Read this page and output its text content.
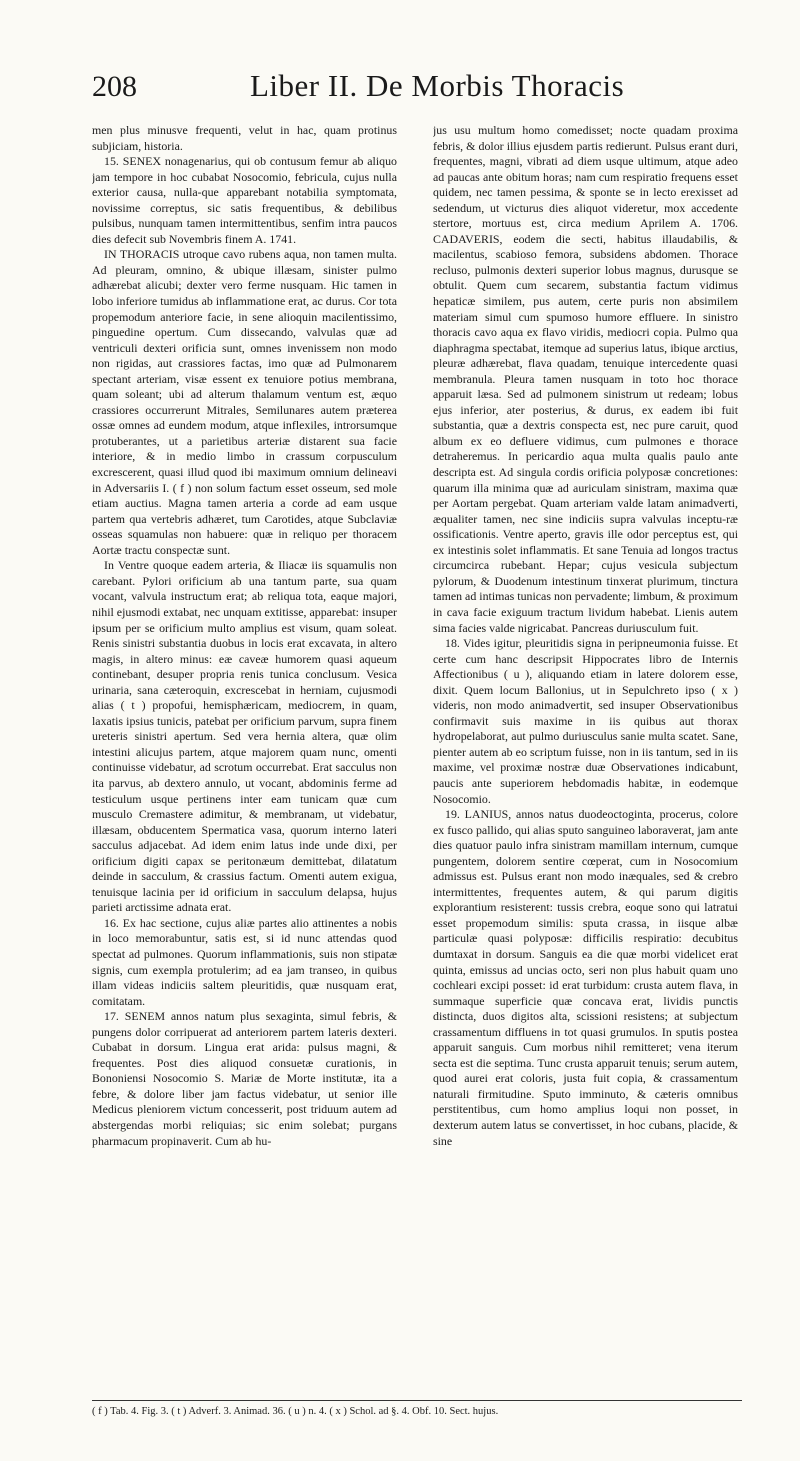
208	Liber II. De Morbis Thoracis

men plus minusve frequenti, velut in hac, quam protinus subjiciam, historia.

15. SENEX nonagenarius, qui ob contusum femur ab aliquo jam tempore in hoc cubabat Nosocomio, febricula, cujus nulla exterior causa, nulla-que apparebant notabilia symptomata, novissime correptus, sic satis frequentibus, & debilibus pulsibus, nunquam tamen intermittentibus, senfim intra paucos dies defecit sub Novembris finem A. 1741.

IN THORACIS utroque cavo rubens aqua, non tamen multa. Ad pleuram, omnino, & ubique illæsam, sinister pulmo adhærebat alicubi; dexter vero ferme nusquam. Hic tamen in lobo inferiore tumidus ab inflammatione erat, ac durus. Cor tota propemodum anteriore facie, in sene alioquin macilentissimo, pinguedine opertum. Cum dissecando, valvulas quæ ad ventriculi dexteri orificia sunt, omnes invenissem non modo non rigidas, aut crassiores factas, imo quæ ad Pulmonarem spectant arteriam, visæ essent ex tenuiore potius membrana, quam soleant; ubi ad alterum thalamum ventum est, æquo crassiores occurrerunt Mitrales, Semilunares autem præterea ossæ omnes ad eundem modum, atque inflexiles, introrsumque protuberantes, ut a parietibus arteriæ distarent sua facie interiore, & in medio limbo in crassum corpusculum excrescerent, quasi illud quod ibi maximum omnium delineavi in Adversariis I. ( f ) non solum factum esset osseum, sed mole etiam auctius. Magna tamen arteria a corde ad eam usque partem qua vertebris adhæret, tum Carotides, atque Subclaviæ osseas squamulas non habuere: quæ in reliquo per thoracem Aortæ tractu conspectæ sunt.

In Ventre quoque eadem arteria, & Iliacæ iis squamulis non carebant. Pylori orificium ab una tantum parte, sua quam vocant, valvula instructum erat; ab reliqua tota, eaque majori, nihil ejusmodi extabat, nec unquam extitisse, apparebat: insuper ipsum per se orificium multo amplius est visum, quam soleat. Renis sinistri substantia duobus in locis erat excavata, in altero magis, in altero minus: eæ caveæ humorem quasi aqueum continebant, desuper propria renis tunica conclusum. Vesica urinaria, sana cæteroquin, excrescebat in herniam, cujusmodi alias ( t ) propofui, hemisphæricam, mediocrem, in quam, laxatis ipsius tunicis, patebat per orificium parvum, supra finem ureteris sinistri apertum. Sed vera hernia altera, quæ olim intestini alicujus partem, atque majorem quam nunc, omenti continuisse videbatur, ad scrotum occurrebat. Erat sacculus non ita parvus, ab dextero annulo, ut vocant, abdominis ferme ad testiculum usque pertinens inter eam tunicam quæ cum musculo Cremastere adimitur, & membranam, ut videbatur, illæsam, obducentem Spermatica vasa, quorum interno lateri sacculus adjacebat. Ad idem enim latus inde unde dixi, per orificium digiti capax se peritonæum demittebat, dilatatum deinde in sacculum, & crassius factum. Omenti autem exigua, tenuisque lacinia per id orificium in sacculum delapsa, hujus parieti arctissime adnata erat.

16. Ex hac sectione, cujus aliæ partes alio attinentes a nobis in loco memorabuntur, satis est, si id nunc attendas quod spectat ad pulmones. Quorum inflammationis, suis non stipatæ signis, cum exempla protulerim; ad ea jam transeo, in quibus illam videas indiciis saltem pleuritidis, quæ nusquam erat, comitatam.

17. SENEM annos natum plus sexaginta, simul febris, & pungens dolor corripuerat ad anteriorem partem lateris dexteri. Cubabat in dorsum. Lingua erat arida: pulsus magni, & frequentes. Post dies aliquod consuetæ curationis, in Bononiensi Nosocomio S. Mariæ de Morte institutæ, ita a febre, & dolore liber jam factus videbatur, ut senior ille Medicus pleniorem victum concesserit, post triduum autem ad abstergendas morbi reliquias; sic enim solebat; purgans pharmacum propinaverit. Cum ab hu-

jus usu multum homo comedisset; nocte quadam proxima febris, & dolor illius ejusdem partis redierunt. Pulsus erant duri, frequentes, magni, vibrati ad diem usque ultimum, atque adeo ad paucas ante obitum horas; nam cum respiratio frequens esset quidem, nec tamen pessima, & sponte se in lecto erexisset ad sedendum, ut victurus dies aliquot videretur, mox accedente stertore, mortuus est, circa medium Aprilem A. 1706. CADAVERIS, eodem die secti, habitus illaudabilis, & macilentus, scabioso femora, subsidens abdomen. Thorace recluso, pulmonis dexteri superior lobus magnus, durusque se obtulit. Quem cum secarem, substantia factum vidimus hepaticæ similem, pus autem, certe puris non absimilem materiam simul cum spumoso humore effluere. In sinistro thoracis cavo aqua ex flavo viridis, mediocri copia. Pulmo qua diaphragma spectabat, itemque ad superius latus, ibique arctius, pleuræ adhærebat, flava quadam, tenuique intercedente quasi membranula. Pleura tamen nusquam in toto hoc thorace apparuit læsa. Sed ad pulmonem sinistrum ut redeam; lobus ejus inferior, ater posterius, & durus, ex eadem ibi fuit substantia, quæ a dextris conspecta est, nec pure caruit, quod album ex eo defluere vidimus, cum pulmones e thorace detraheremus. In pericardio aqua multa qualis paulo ante descripta est. Ad singula cordis orificia polyposæ concretiones: quarum illa minima quæ ad auriculam sinistram, maxima quæ per Aortam pergebat. Quam arteriam valde latam animadverti, æqualiter tamen, nec sine indiciis supra valvulas inceptu-ræ ossificationis. Ventre aperto, gravis ille odor perceptus est, qui ex intestinis solet inflammatis. Et sane Tenuia ad longos tractus circumcirca rubebant. Hepar; cujus vesicula subjectum pylorum, & Duodenum intestinum tinxerat plurimum, tinctura tamen ad intimas tunicas non pervadente; limbum, & proximum in cava facie exiguum tractum lividum habebat. Lienis autem sima facies valde nigricabat. Pancreas duriusculum fuit.

18. Vides igitur, pleuritidis signa in peripneumonia fuisse. Et certe cum hanc descripsit Hippocrates libro de Internis Affectionibus ( u ), aliquando etiam in latere dolorem esse, dixit. Quem locum Ballonius, ut in Sepulchreto ipso ( x ) videris, non modo animadvertit, sed insuper Observationibus confirmavit suis maxime in iis quibus aut thorax hydropelaborat, aut pulmo duriusculus sanie multa scatet. Sane, pienter autem ab eo scriptum fuisse, non in iis tantum, sed in iis maxime, vel proximæ nostræ duæ Observationes indicabunt, paucis ante superiorem hebdomadis habitæ, in eodemque Nosocomio.

19. LANIUS, annos natus duodeoctoginta, procerus, colore ex fusco pallido, qui alias sputo sanguineo laboraverat, jam ante dies quatuor paulo infra sinistram mamillam internum, cumque pungentem, dolorem sentire cœperat, cum in Nosocomium admissus est. Pulsus erant non modo inæquales, sed & crebro intermittentes, frequentes autem, & qui parum digitis explorantium resisterent: tussis crebra, eoque sono qui latratui esset propemodum similis: sputa crassa, in iisque albæ particulæ quasi polyposæ: difficilis respiratio: decubitus dumtaxat in dorsum. Sanguis ea die quæ morbi videlicet erat quinta, emissus ad uncias octo, seri non plus habuit quam uno cochleari excipi posset: id erat turbidum: crusta autem flava, in summaque superficie quæ concava erat, lividis punctis distincta, duos digitos alta, scissioni resistens; at subjectum crassamentum diffluens in tot quasi grumulos. In sputis postea apparuit sanguis. Cum morbus nihil remitteret; vena iterum secta est die septima. Tunc crusta apparuit tenuis; serum autem, quod aurei erat coloris, justa fuit copia, & crassamentum naturali firmitudine. Sputo imminuto, & cæteris omnibus perstitentibus, cum homo amplius loqui non posset, in dexterum autem latus se convertisset, in hoc cubans, placide, & sine

( f ) Tab. 4. Fig. 3. ( t ) Adverf. 3. Animad. 36. ( u ) n. 4. ( x ) Schol. ad §. 4. Obf. 10. Sect. hujus.
